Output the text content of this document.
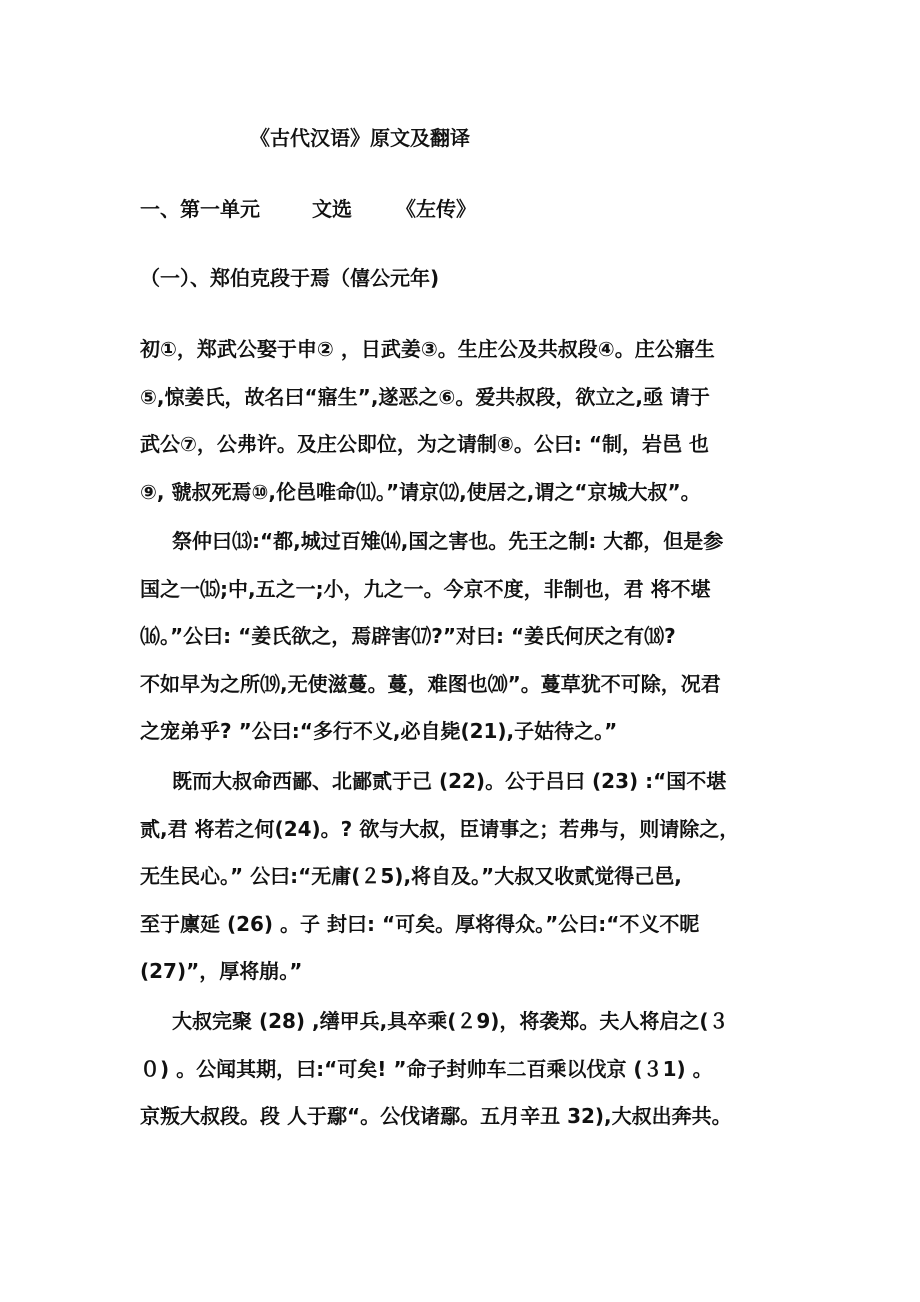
《古代汉语》原文及翻译
一、第一单元	文选	《左传》
（一）、郑伯克段于焉（僖公元年)
初①，郑武公娶于申② ，日武姜③。生庄公及共叔段④。庄公寤生
⑤,惊姜氏，故名曰“寤生”,遂恶之⑥。爱共叔段，欲立之,亟 请于
武公⑦，公弗许。及庄公即位，为之请制⑧。公曰: “制，岩邑 也
⑨, 虢叔死焉⑩,伦邑唯命⑾。”请京⑿,使居之,谓之“京城大叔”。
祭仲曰⒀:“都,城过百雉⒁,国之害也。先王之制: 大都，但是参
国之一⒂;中,五之一;小，九之一。今京不度，非制也，君 将不堪
⒃。”公曰: “姜氏欲之，焉辟害⒄?”对曰: “姜氏何厌之有⒅?
不如早为之所⒆,无使滋蔓。蔓，难图也⒇”。蔓草犹不可除，况君
之宠弟乎? ”公曰:“多行不义,必自毙(21),子姑待之。”
既而大叔命西鄙、北鄙贰于己 (22)。公于吕曰 (23) :“国不堪
贰,君 将若之何(24)。? 欲与大叔，臣请事之；若弗与，则请除之，
无生民心。” 公曰:“无庸(２5),将自及。”大叔又收贰觉得己邑,
至于廪延 (26) 。子 封曰: “可矣。厚将得众。”公曰:“不义不昵
(27)”，厚将崩。”
大叔完聚 (28) ,缮甲兵,具卒乘(２9)，将袭郑。夫人将启之(３
０) 。公闻其期，曰:“可矣! ”命子封帅车二百乘以伐京 (３1) 。
京叛大叔段。段 人于鄢“。公伐诸鄢。五月辛丑 32),大叔出奔共。
